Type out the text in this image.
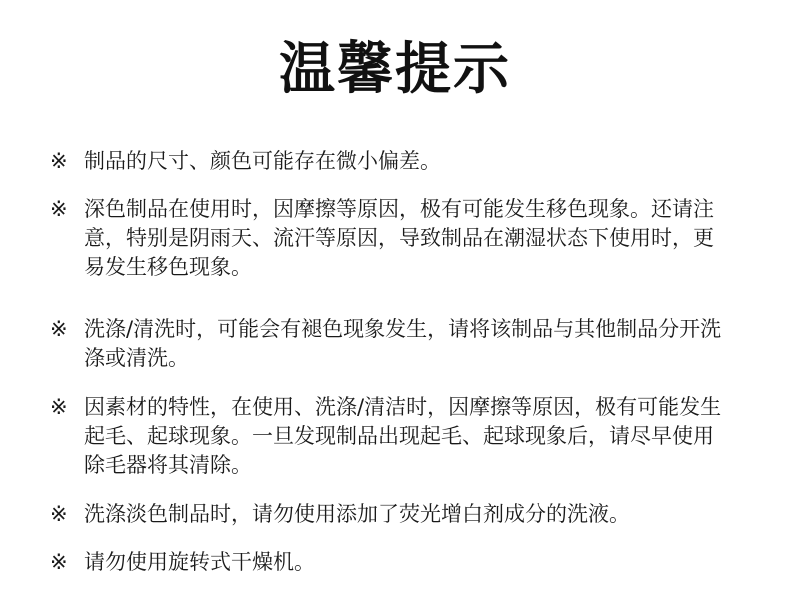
温馨提示
※ 制品的尺寸、颜色可能存在微小偏差。
※ 深色制品在使用时，因摩擦等原因，极有可能发生移色现象。还请注意，特别是阴雨天、流汗等原因，导致制品在潮湿状态下使用时，更易发生移色现象。
※ 洗涤/清洗时，可能会有褪色现象发生，请将该制品与其他制品分开洗涤或清洗。
※ 因素材的特性，在使用、洗涤/清洁时，因摩擦等原因，极有可能发生起毛、起球现象。一旦发现制品出现起毛、起球现象后，请尽早使用除毛器将其清除。
※ 洗涤淡色制品时，请勿使用添加了荧光增白剂成分的洗液。
※ 请勿使用旋转式干燥机。
